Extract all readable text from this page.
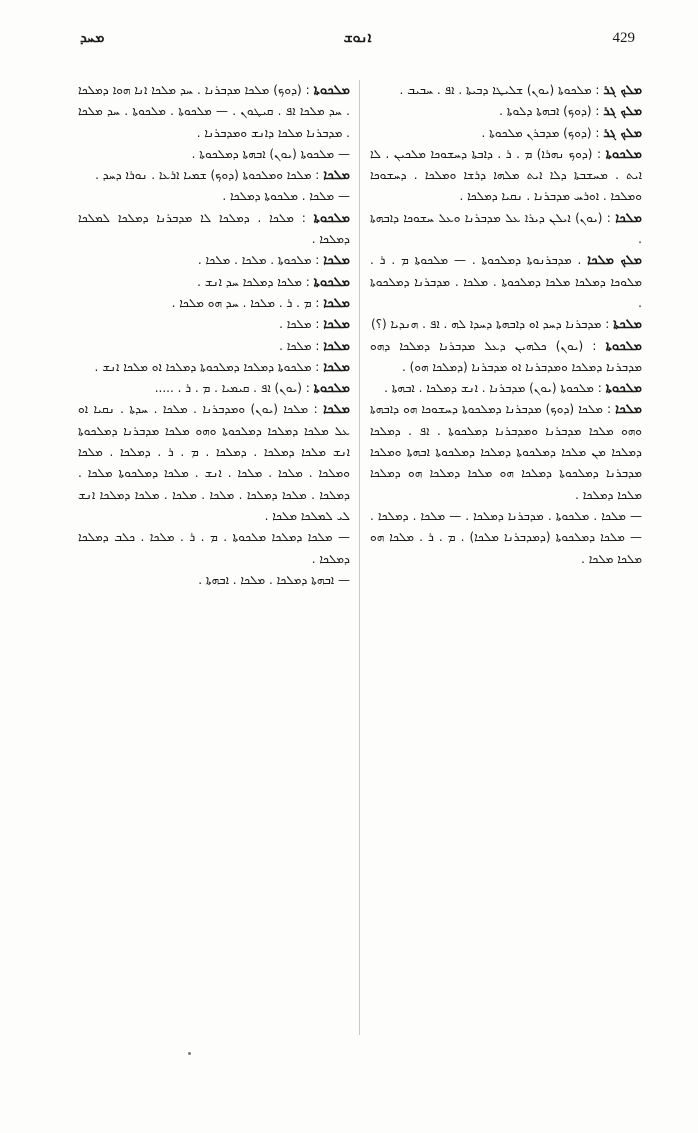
ܡܚܕ	ܐܢܘܫ	429

ܡܠܟ ܓܪ : ܡܠܟܘܬܐ (ܝܘܢ) ܫܠܝܛܐ ܕܒܝܬܐ . ܐܦ . ܚܒܝܒ .

ܡܠܟ ܓܪ : (ܕܘܟ) ܐܒܗܬܐ ܕܠܘܬܐ .

ܡܠܟ ܓܪ : (ܕܘܟ) ܡܕܒܪܢ ܡܠܟܘܬܐ .

ܡܠܟܘܬܐ : (ܕܘܟ ܢܗܪܐ) ܡ . ܪ . ܕܐܒܬܐ ܕܚܫܘܟܐ ܡܠܟܝܢ . ܠܐ ܐܝܬ . ܡܚܫܒܬܐ ܕܠܐ ܐܝܬ ܡܠܗܐ ܕܪܫܐ ܘܡܠܟܐ . ܕܚܫܘܟܐ ܘܡܠܟܐ . ܐܘܪܚ ܡܕܒܪܢܐ . ܢܩܝܐ ܕܡܠܟܐ .

ܡܠܟܐ : (ܝܘܢ) ܐܝܠܢ ܕܝܪܐ ܥܠ ܡܕܒܪܢܐ ܘܥܠ ܚܫܘܟܐ ܕܐܒܗܬܐ .

ܡܠܟ ܡܠܟܐ . ܡܕܒܪܢܘܬܐ ܕܡܠܟܘܬܐ . — ܡܠܟܘܬܐ ܡ . ܪ . ܡܠܘܟܐ ܕܡܠܟܐ ܡܠܟܐ ܕܡܠܟܘܬܐ . ܡܠܟܐ . ܡܕܒܪܢܐ ܕܡܠܟܘܬܐ .

ܡܠܟܬܐ : ܡܕܒܪܢܐ ܕܚܕ ܐܘ ܕܐܒܗܬܐ ܕܚܕܐ ܠܗ . ܐܦ . ܗܢܕܝܐ (؟)

ܡܠܟܘܬܐ : (ܝܘܢ) ܟܠܗܝܢ ܕܥܠ ܡܕܒܪܢܐ ܕܡܠܟܐ ܕܗܘ ܡܕܒܪܢܐ ܕܡܠܟܐ ܘܡܕܒܪܢܐ ܐܘ ܡܕܒܪܢܐ (ܕܡܠܟܐ ܗܘ) .

ܡܠܟܘܬܐ : ܡܠܟܘܬܐ (ܝܘܢ) ܡܕܒܪܢܐ . ܐܢܫ ܕܡܠܟܐ . ܐܒܗܬܐ .

ܡܠܟܐ : ܡܠܟܐ (ܕܘܟ) ܡܕܒܪܢܐ ܕܡܠܟܘܬܐ ܕܚܫܘܟܐ ܗܘ ܕܐܒܗܬܐ ܘܗܘ ܡܠܟܐ ܡܕܒܪܢܐ ܘܡܕܒܪܢܐ ܕܡܠܟܘܬܐ . ܐܦ . ܕܡܠܟܐ ܕܡܠܟܐ ܡܢ ܡܠܟܐ ܕܡܠܟܘܬܐ ܕܡܠܟܐ ܕܡܠܟܘܬܐ ܐܒܗܬܐ ܘܡܠܟܐ ܡܕܒܪܢܐ ܕܡܠܟܘܬܐ ܕܡܠܟܐ ܗܘ ܡܠܟܐ ܕܡܠܟܐ ܗܘ ܕܡܠܟܐ ܡܠܟܐ ܕܡܠܟܐ .

— ܡܠܟܐ . ܡܠܟܘܬܐ . ܡܕܒܪܢܐ ܕܡܠܟܐ . — ܡܠܟܐ . ܕܡܠܟܐ . — ܡܠܟܐ ܕܡܠܟܘܬܐ (ܕܡܕܒܪܢܐ ܡܠܟܐ) . ܡ . ܪ . ܡܠܟܐ ܗܘ ܡܠܟܐ ܡܠܟܐ .

ܡܠܟܘܬܐ : (ܕܘܟ) ܡܠܟܐ ܡܕܒܪܢܐ . ܚܕ ܡܠܟܐ ܐܢܐ ܗܘܐ ܕܡܠܟܐ . ܚܕ ܡܠܟܐ ܐܦ . ܩܝܛܘܢ . — ܡܠܟܘܬܐ . ܡܠܟܘܬܐ . ܚܕ ܡܠܟܐ . ܡܕܒܪܢܐ ܡܠܟܐ ܕܐܢܫ ܘܡܕܒܪܢܐ .

— ܡܠܟܘܬܐ (ܝܘܢ) ܐܒܗܬܐ ܕܡܠܟܘܬܐ .

ܡܠܟܐ : ܡܠܟܐ ܘܡܠܟܘܬܐ (ܕܘܟ) ܫܡܝܐ ܐܪܥܐ . ܢܘܪܐ ܕܚܕ .

— ܡܠܟܐ . ܡܠܟܘܬܐ ܕܡܠܟܐ .

ܡܠܟܘܬܐ : ܡܠܟܐ . ܕܡܠܟܐ ܠܐ ܡܕܒܪܢܐ ܕܡܠܟܐ ܠܡܠܟܐ ܕܡܠܟܐ .

ܡܠܟܐ : ܡܠܟܘܬܐ . ܡܠܟܐ . ܡܠܟܐ .

ܡܠܟܘܬܐ : ܡܠܟܐ ܕܡܠܟܐ ܚܕ ܐܢܫ .

ܡܠܟܐ : ܡ . ܪ . ܡܠܟܐ . ܚܕ ܗܘ ܡܠܟܐ .

ܡܠܟܐ : ܡܠܟܐ .

ܡܠܟܐ : ܡܠܟܐ .

ܡܠܟܐ : ܡܠܟܘܬܐ ܕܡܠܟܐ ܕܡܠܟܘܬܐ ܕܡܠܟܐ ܐܘ ܡܠܟܐ ܐܢܫ .

ܡܠܟܘܬܐ : (ܝܘܢ) ܐܦ . ܩܝܡܝܐ . ܡ . ܪ . .....

ܡܠܟܐ : ܡܠܟܐ (ܝܘܢ) ܘܡܕܒܪܢܐ . ܡܠܟܐ . ܚܕܬܐ . ܢܩܝܐ ܐܘ ܥܠ ܡܠܟܐ ܕܡܠܟܐ ܕܡܠܟܘܬܐ ܘܗܘ ܡܠܟܐ ܡܕܒܪܢܐ ܕܡܠܟܘܬܐ ܐܢܫ ܡܠܟܐ ܕܡܠܟܐ . ܕܡܠܟܐ . ܡ . ܪ . ܕܡܠܟܐ . ܡܠܟܐ ܘܡܠܟܐ . ܡܠܟܐ . ܡܠܟܐ . ܐܢܫ . ܡܠܟܐ ܕܡܠܟܘܬܐ ܡܠܟܐ . ܕܡܠܟܐ . ܡܠܟܐ ܕܡܠܟܐ . ܡܠܟܐ . ܡܠܟܐ . ܡܠܟܐ ܕܡܠܟܐ ܐܢܫ ܠܝ ܠܡܠܟܐ ܡܠܟܐ .

— ܡܠܟܐ ܕܡܠܟܐ ܡܠܟܘܬܐ . ܡ . ܪ . ܡܠܟܐ . ܟܠܒ ܕܡܠܟܐ ܕܡܠܟܐ .

— ܐܒܗܬܐ ܕܡܠܟܐ . ܡܠܟܐ . ܐܒܗܬܐ .
